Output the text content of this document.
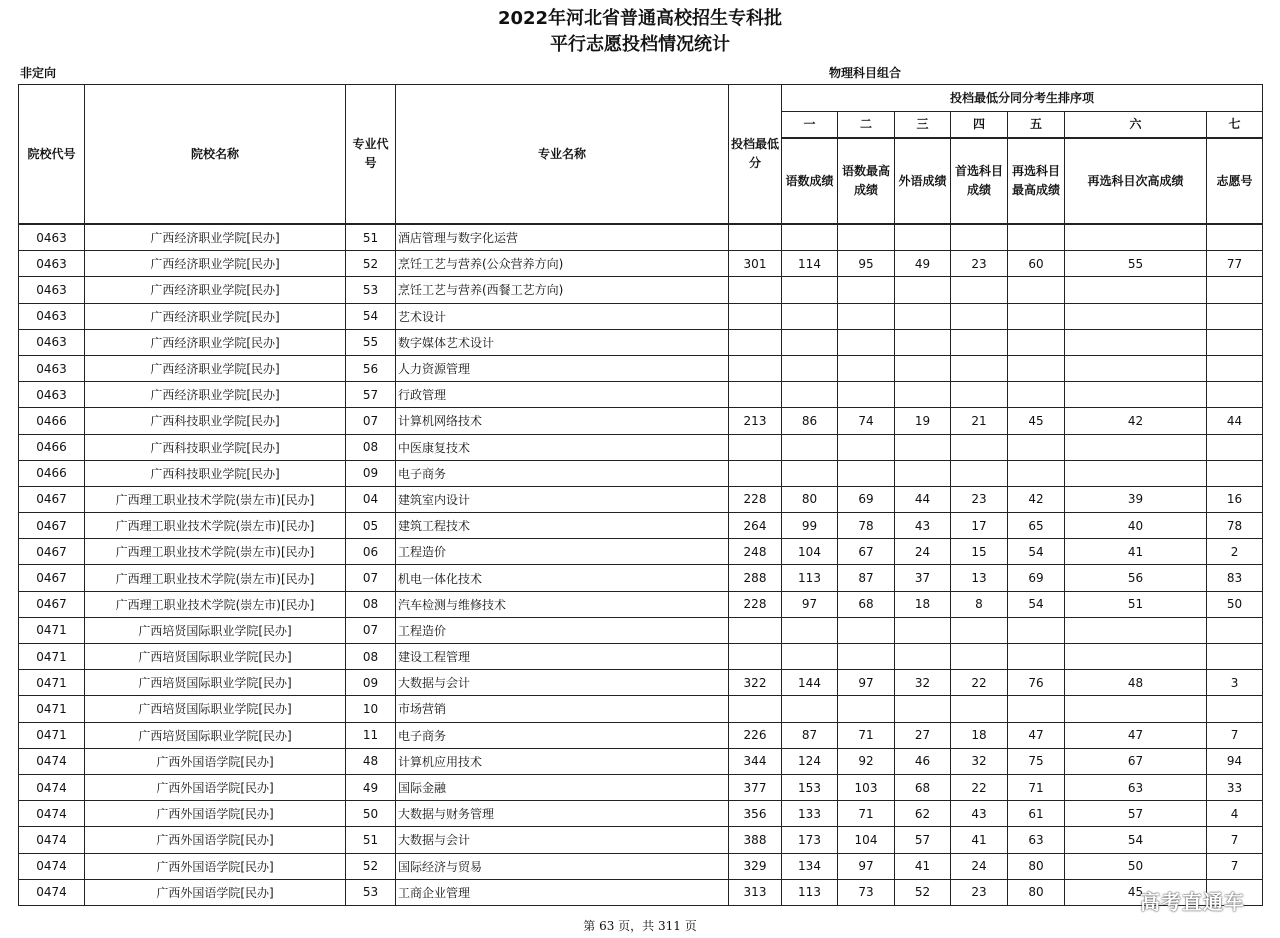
2022年河北省普通高校招生专科批
平行志愿投档情况统计
非定向	物理科目组合
院校代号	院校名称	专业代号	专业名称	投档最低分	投档最低分同分考生排序项						
					一	二	三	四	五	六	七
					语数成绩	语数最高成绩	外语成绩	首选科目成绩	再选科目最高成绩	再选科目次高成绩	志愿号
0463	广西经济职业学院[民办]	51	酒店管理与数字化运营								
0463	广西经济职业学院[民办]	52	烹饪工艺与营养(公众营养方向)	301	114	95	49	23	60	55	77
0463	广西经济职业学院[民办]	53	烹饪工艺与营养(西餐工艺方向)								
0463	广西经济职业学院[民办]	54	艺术设计								
0463	广西经济职业学院[民办]	55	数字媒体艺术设计								
0463	广西经济职业学院[民办]	56	人力资源管理								
0463	广西经济职业学院[民办]	57	行政管理								
0466	广西科技职业学院[民办]	07	计算机网络技术	213	86	74	19	21	45	42	44
0466	广西科技职业学院[民办]	08	中医康复技术								
0466	广西科技职业学院[民办]	09	电子商务								
0467	广西理工职业技术学院(崇左市)[民办]	04	建筑室内设计	228	80	69	44	23	42	39	16
0467	广西理工职业技术学院(崇左市)[民办]	05	建筑工程技术	264	99	78	43	17	65	40	78
0467	广西理工职业技术学院(崇左市)[民办]	06	工程造价	248	104	67	24	15	54	41	2
0467	广西理工职业技术学院(崇左市)[民办]	07	机电一体化技术	288	113	87	37	13	69	56	83
0467	广西理工职业技术学院(崇左市)[民办]	08	汽车检测与维修技术	228	97	68	18	8	54	51	50
0471	广西培贤国际职业学院[民办]	07	工程造价								
0471	广西培贤国际职业学院[民办]	08	建设工程管理								
0471	广西培贤国际职业学院[民办]	09	大数据与会计	322	144	97	32	22	76	48	3
0471	广西培贤国际职业学院[民办]	10	市场营销								
0471	广西培贤国际职业学院[民办]	11	电子商务	226	87	71	27	18	47	47	7
0474	广西外国语学院[民办]	48	计算机应用技术	344	124	92	46	32	75	67	94
0474	广西外国语学院[民办]	49	国际金融	377	153	103	68	22	71	63	33
0474	广西外国语学院[民办]	50	大数据与财务管理	356	133	71	62	43	61	57	4
0474	广西外国语学院[民办]	51	大数据与会计	388	173	104	57	41	63	54	7
0474	广西外国语学院[民办]	52	国际经济与贸易	329	134	97	41	24	80	50	7
0474	广西外国语学院[民办]	53	工商企业管理	313	113	73	52	23	80	45	
第 63 页，共 311 页
高考直通车
